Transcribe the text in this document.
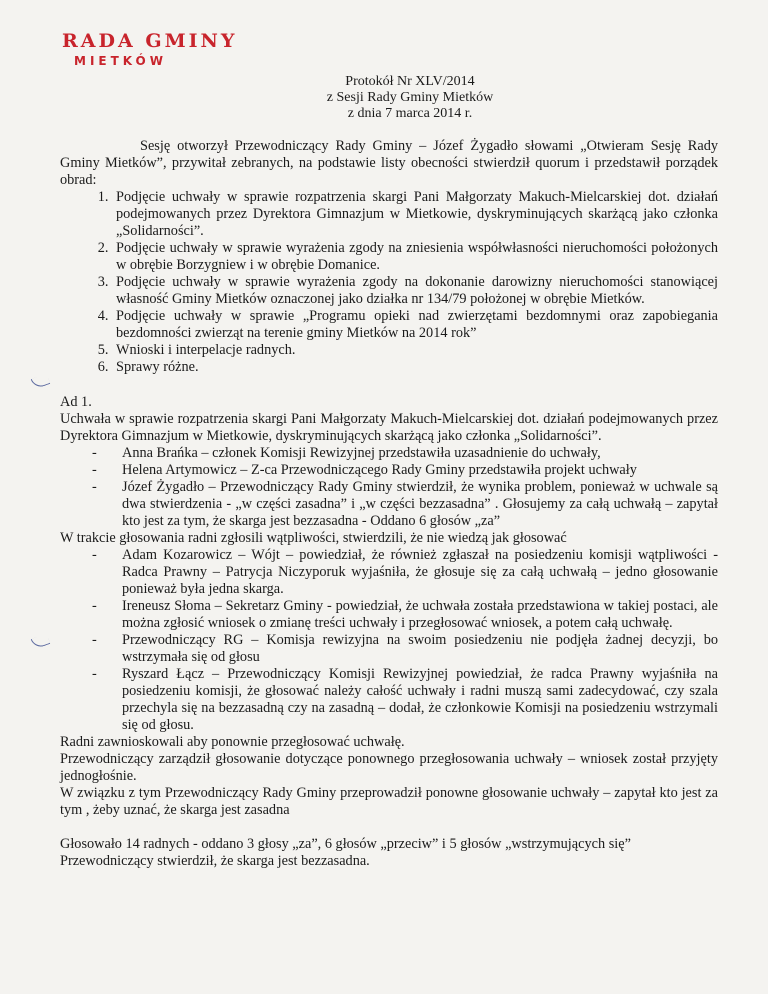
RADA GMINY
MIETKÓW
Protokół Nr XLV/2014
z Sesji Rady Gminy Mietków
z dnia 7 marca 2014 r.

Sesję otworzył Przewodniczący Rady Gminy – Józef Żygadło słowami „Otwieram Sesję Rady Gminy Mietków”, przywitał zebranych, na podstawie listy obecności stwierdził quorum i przedstawił porządek obrad:

1. Podjęcie uchwały w sprawie rozpatrzenia skargi Pani Małgorzaty Makuch-Mielcarskiej dot. działań podejmowanych przez Dyrektora Gimnazjum w Mietkowie, dyskryminujących skarżącą jako członka „Solidarności”.
2. Podjęcie uchwały w sprawie wyrażenia zgody na zniesienia współwłasności nieruchomości położonych w obrębie Borzygniew i w obrębie Domanice.
3. Podjęcie uchwały w sprawie wyrażenia zgody na dokonanie darowizny nieruchomości stanowiącej własność Gminy Mietków oznaczonej jako działka nr 134/79 położonej w obrębie Mietków.
4. Podjęcie uchwały w sprawie „Programu opieki nad zwierzętami bezdomnymi oraz zapobiegania bezdomności zwierząt na terenie gminy Mietków na 2014 rok”
5. Wnioski i interpelacje radnych.
6. Sprawy różne.

Ad 1.

Uchwała w sprawie rozpatrzenia skargi Pani Małgorzaty Makuch-Mielcarskiej dot. działań podejmowanych przez Dyrektora Gimnazjum w Mietkowie, dyskryminujących skarżącą jako członka „Solidarności”.

- Anna Brańka – członek Komisji Rewizyjnej przedstawiła uzasadnienie do uchwały,
- Helena Artymowicz – Z-ca Przewodniczącego Rady Gminy przedstawiła projekt uchwały
- Józef Żygadło – Przewodniczący Rady Gminy stwierdził, że wynika problem, ponieważ w uchwale są dwa stwierdzenia - „w części zasadna” i „w części bezzasadna” . Głosujemy za całą uchwałą – zapytał kto jest za tym, że skarga jest bezzasadna - Oddano 6 głosów „za”

W trakcie głosowania radni zgłosili wątpliwości, stwierdzili, że nie wiedzą jak głosować

- Adam Kozarowicz – Wójt – powiedział, że również zgłaszał na posiedzeniu komisji wątpliwości - Radca Prawny – Patrycja Niczyporuk wyjaśniła, że głosuje się za całą uchwałą – jedno głosowanie ponieważ była jedna skarga.
- Ireneusz Słoma – Sekretarz Gminy - powiedział, że uchwała została przedstawiona w takiej postaci, ale można zgłosić wniosek o zmianę treści uchwały i przegłosować wniosek, a potem całą uchwałę.
- Przewodniczący RG – Komisja rewizyjna na swoim posiedzeniu nie podjęła żadnej decyzji, bo wstrzymała się od głosu
- Ryszard Łącz – Przewodniczący Komisji Rewizyjnej powiedział, że radca Prawny wyjaśniła na posiedzeniu komisji, że głosować należy całość uchwały i radni muszą sami zadecydować, czy szala przechyla się na bezzasadną czy na zasadną – dodał, że członkowie Komisji na posiedzeniu wstrzymali się od głosu.

Radni zawnioskowali aby ponownie przegłosować uchwałę.

Przewodniczący zarządził głosowanie dotyczące ponownego przegłosowania uchwały – wniosek został przyjęty jednogłośnie.

W związku z tym Przewodniczący Rady Gminy przeprowadził ponowne głosowanie uchwały – zapytał kto jest za tym , żeby uznać, że skarga jest zasadna

Głosowało 14 radnych - oddano 3 głosy „za”, 6 głosów „przeciw” i 5 głosów „wstrzymujących się”

Przewodniczący stwierdził, że skarga jest bezzasadna.
